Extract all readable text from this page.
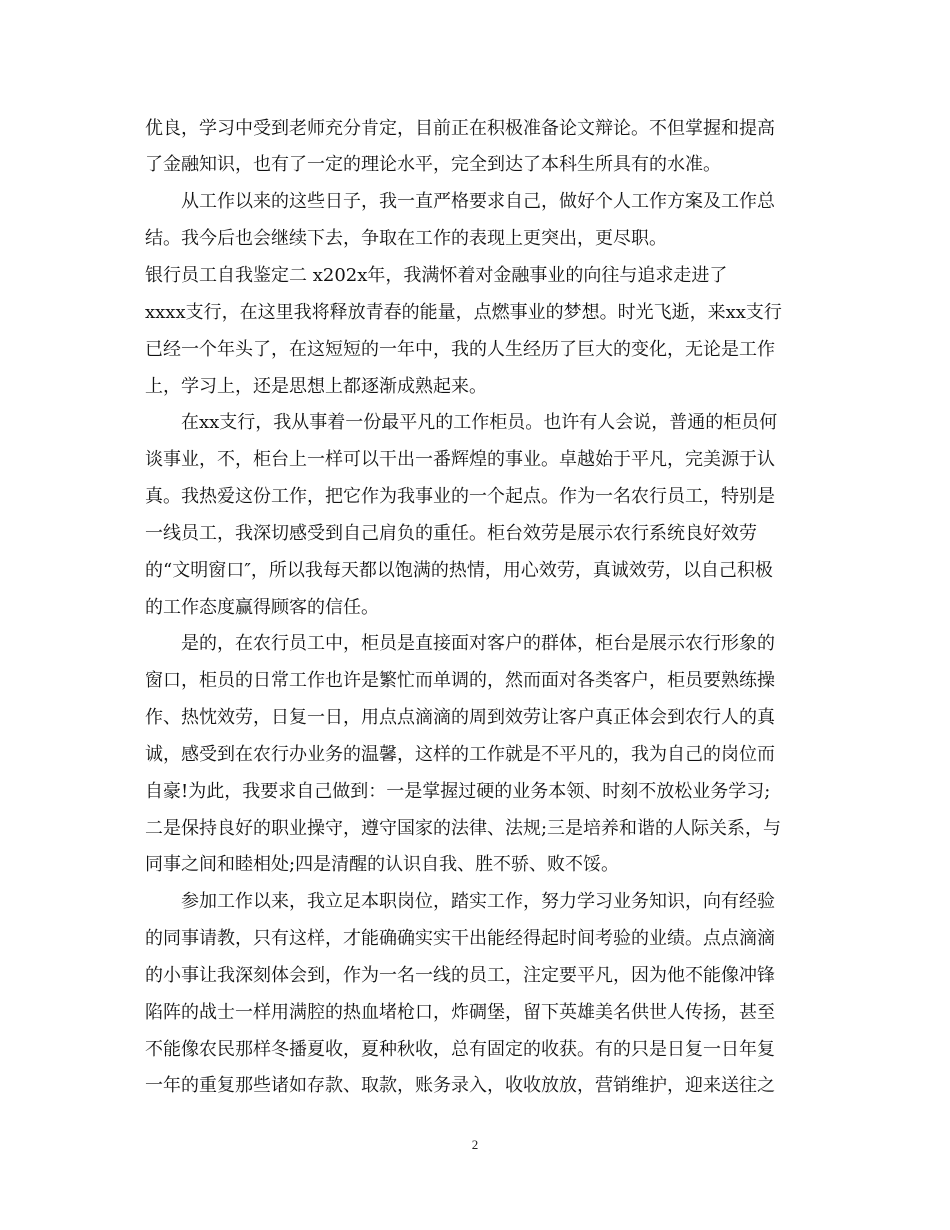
优良，学习中受到老师充分肯定，目前正在积极准备论文辩论。不但掌握和提高
了金融知识，也有了一定的理论水平，完全到达了本科生所具有的水准。
从工作以来的这些日子，我一直严格要求自己，做好个人工作方案及工作总
结。我今后也会继续下去，争取在工作的表现上更突出，更尽职。
银行员工自我鉴定二 x202x年，我满怀着对金融事业的向往与追求走进了
xxxx支行，在这里我将释放青春的能量，点燃事业的梦想。时光飞逝，来xx支行
已经一个年头了，在这短短的一年中，我的人生经历了巨大的变化，无论是工作
上，学习上，还是思想上都逐渐成熟起来。
在xx支行，我从事着一份最平凡的工作柜员。也许有人会说，普通的柜员何
谈事业，不，柜台上一样可以干出一番辉煌的事业。卓越始于平凡，完美源于认
真。我热爱这份工作，把它作为我事业的一个起点。作为一名农行员工，特别是
一线员工，我深切感受到自己肩负的重任。柜台效劳是展示农行系统良好效劳
的“文明窗口″，所以我每天都以饱满的热情，用心效劳，真诚效劳，以自己积极
的工作态度赢得顾客的信任。
是的，在农行员工中，柜员是直接面对客户的群体，柜台是展示农行形象的
窗口，柜员的日常工作也许是繁忙而单调的，然而面对各类客户，柜员要熟练操
作、热忱效劳，日复一日，用点点滴滴的周到效劳让客户真正体会到农行人的真
诚，感受到在农行办业务的温馨，这样的工作就是不平凡的，我为自己的岗位而
自豪!为此，我要求自己做到：一是掌握过硬的业务本领、时刻不放松业务学习;
二是保持良好的职业操守，遵守国家的法律、法规;三是培养和谐的人际关系，与
同事之间和睦相处;四是清醒的认识自我、胜不骄、败不馁。
参加工作以来，我立足本职岗位，踏实工作，努力学习业务知识，向有经验
的同事请教，只有这样，才能确确实实干出能经得起时间考验的业绩。点点滴滴
的小事让我深刻体会到，作为一名一线的员工，注定要平凡，因为他不能像冲锋
陷阵的战士一样用满腔的热血堵枪口，炸碉堡，留下英雄美名供世人传扬，甚至
不能像农民那样冬播夏收，夏种秋收，总有固定的收获。有的只是日复一日年复
一年的重复那些诸如存款、取款，账务录入，收收放放，营销维护，迎来送往之
2
